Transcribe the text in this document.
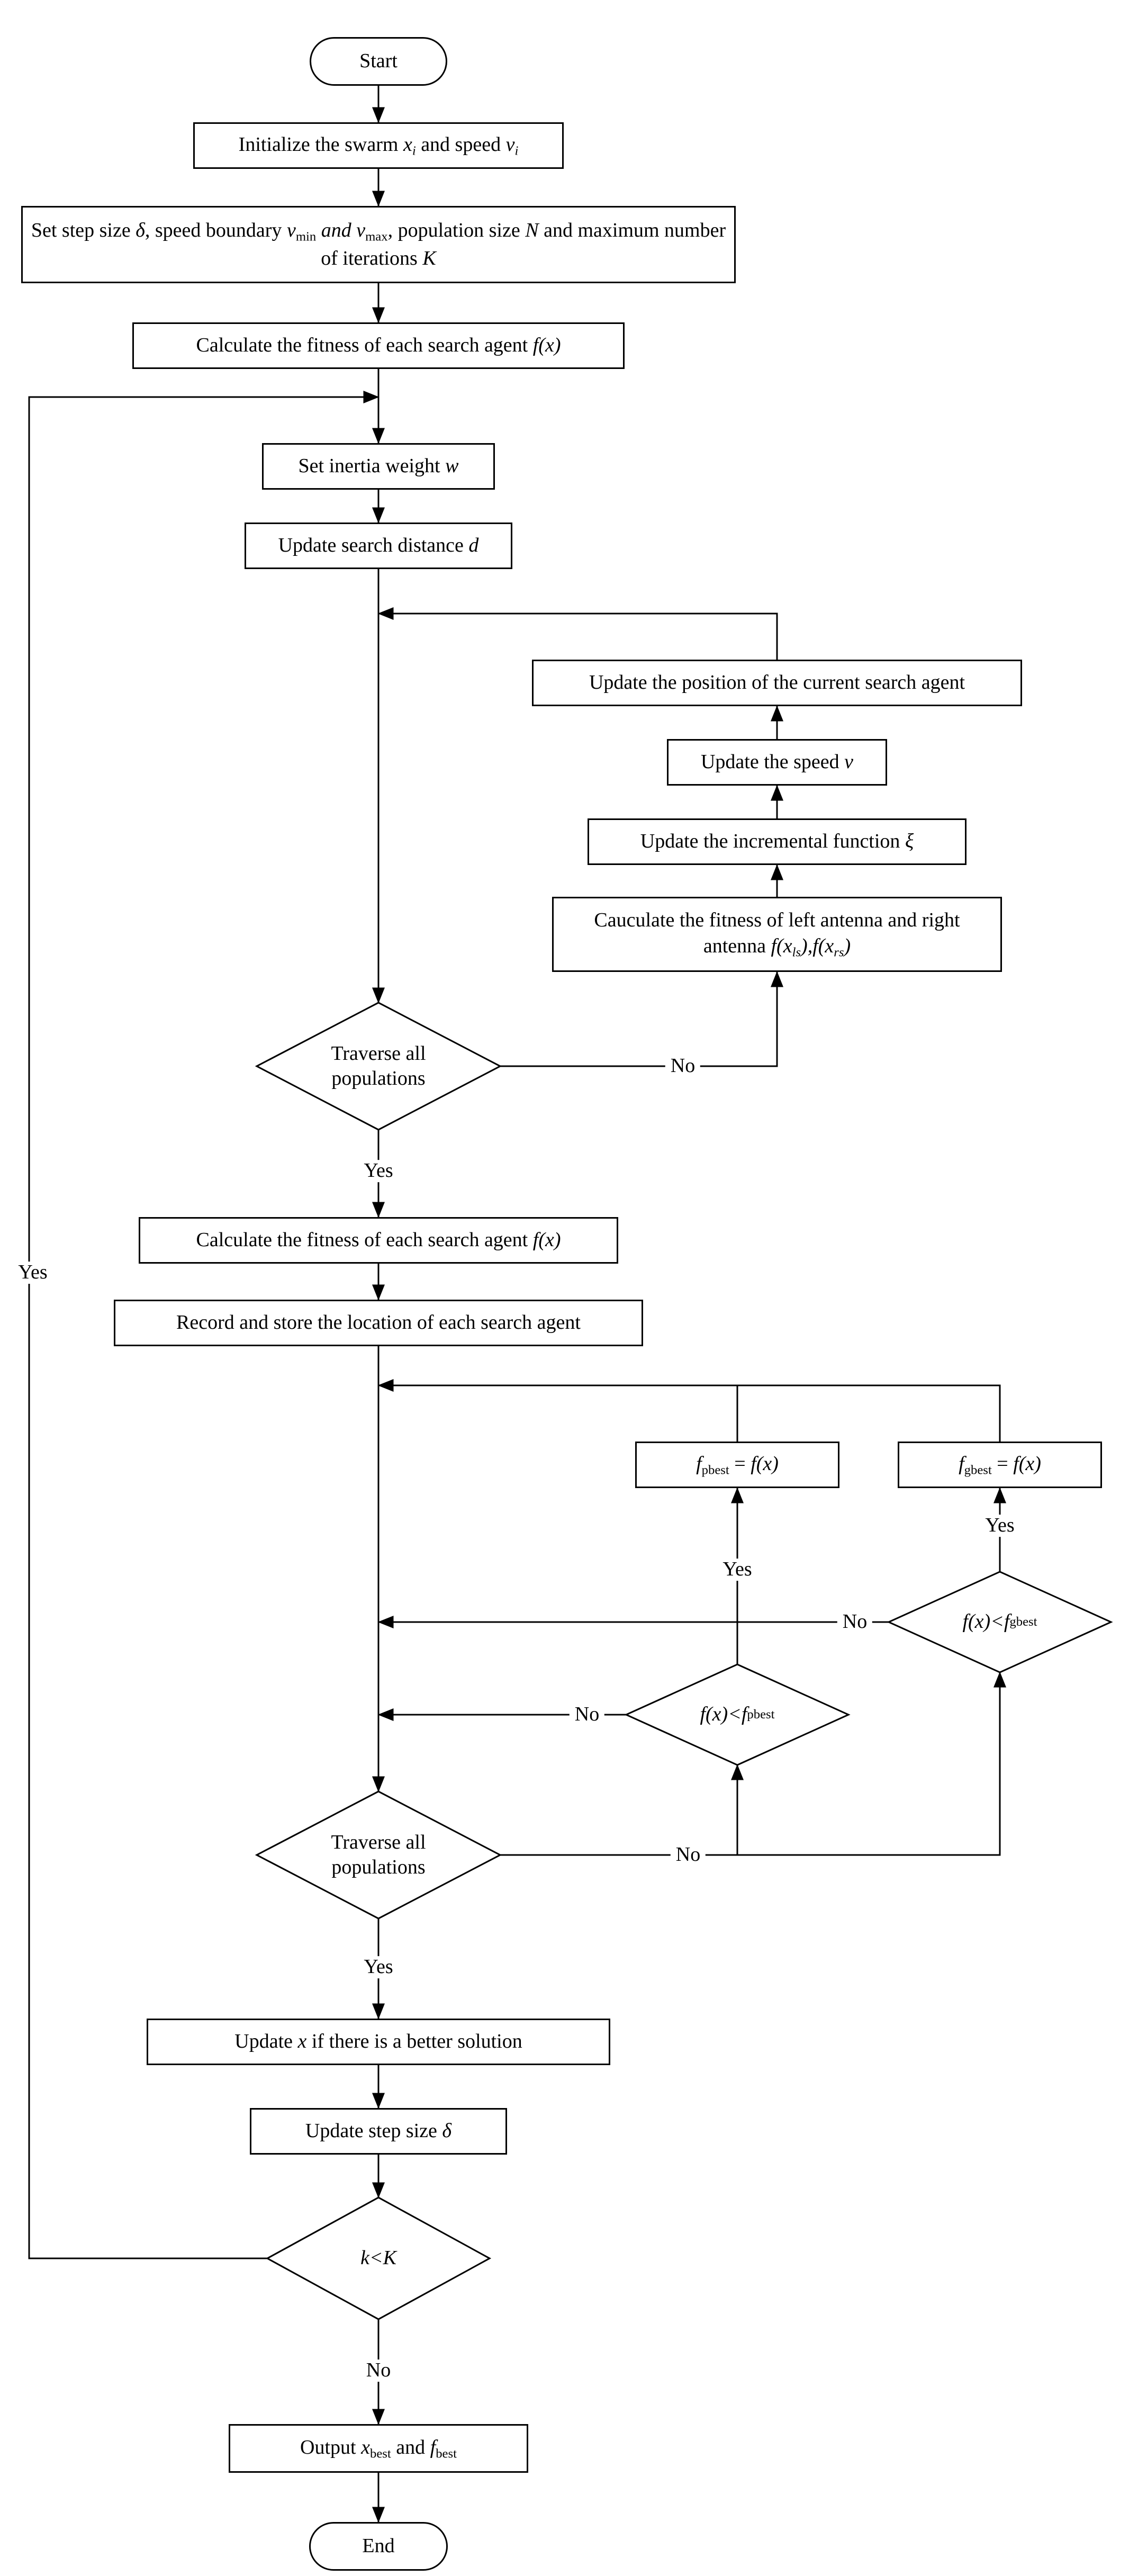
Start
Initialize the swarm $x_i$ and speed $v_i$
Set step size δ, speed boundary $v_{min}$ and $v_{max}$, population size N and maximum number of iterations K
Calculate the fitness of each search agent f(x)
Set inertia weight w
Update search distance d
Update the position of the current search agent
Update the speed v
Update the incremental function ξ
Cauculate the fitness of left antenna and right antenna $f(x_{ls}),f(x_{rs})$
Traverse all populations
Calculate the fitness of each search agent f(x)
Record and store the location of each search agent
$f_{pbest} = f(x)$	$f_{gbest} = f(x)$
f(x)<f gbest
f(x)<f pbest
Traverse all populations
Update x if there is a better solution
Update step size δ
k<K
Output $x_{best}$ and $f_{best}$
End
No
Yes
Yes
Yes
No
No
No
Yes
Yes
No
